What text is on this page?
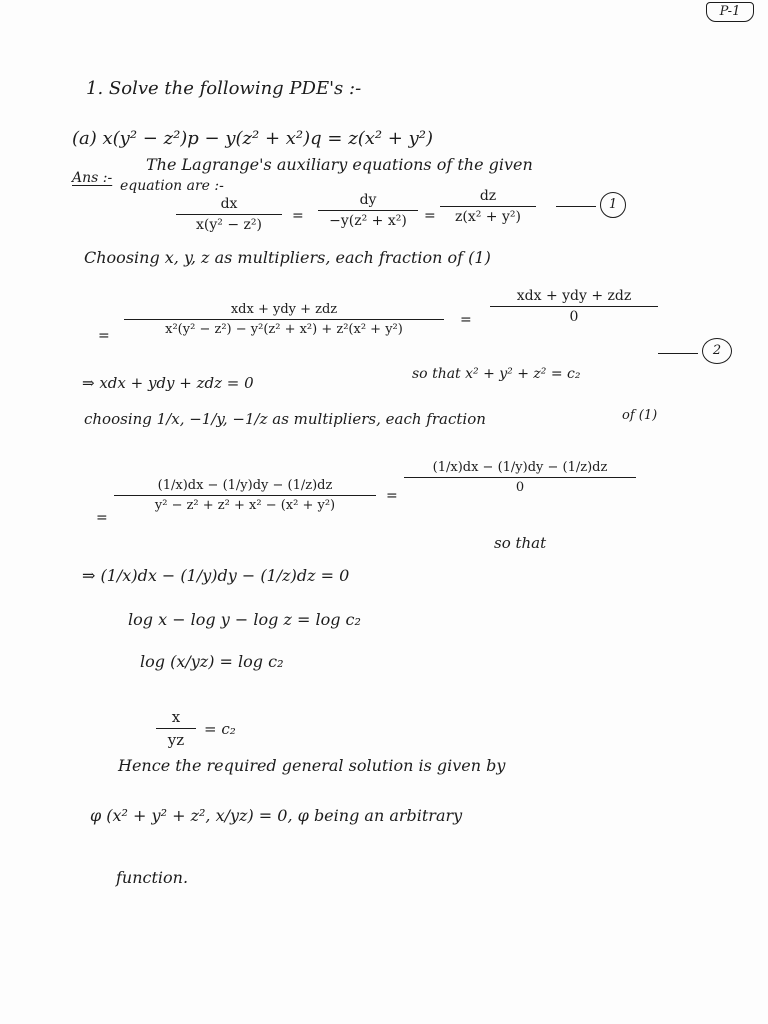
P-1
1. Solve the following PDE's :-
(a) x(y² − z²)p − y(z² + x²)q = z(x² + y²)
Ans :-
The Lagrange's auxiliary equations of the given
equation are :-
dx
x(y² − z²)
=
dy
−y(z² + x²)	=
dz
z(x² + y²)
1
Choosing x, y, z as multipliers, each fraction of (1)
=
xdx + ydy + zdz
x²(y² − z²) − y²(z² + x²) + z²(x² + y²)
=
xdx + ydy + zdz
0
⇒ xdx + ydy + zdz = 0	so that x² + y² + z² = c₂
2
choosing 1/x, −1/y, −1/z as multipliers, each fraction	of (1)
=
(1/x)dx − (1/y)dy − (1/z)dz
y² − z² + z² + x² − (x² + y²)
=
(1/x)dx − (1/y)dy − (1/z)dz
0
⇒ (1/x)dx − (1/y)dy − (1/z)dz = 0
so that
log x − log y − log z = log c₂
log (x/yz) = log c₂
x
yz
= c₂
Hence the required general solution is given by
φ (x² + y² + z², x/yz) = 0, φ being an arbitrary
function.
